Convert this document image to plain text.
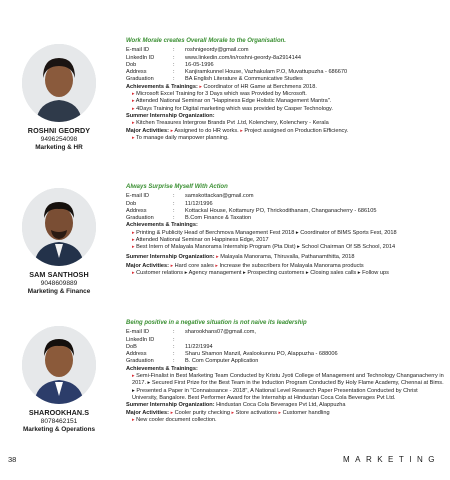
ROSHNI GEORDY
9496254098
Marketing & HR
Work Morale creates Overall Morale to the Organisation.
E-mail ID	:	roshnigeordy@gmail.com
LinkedIn ID	:	www.linkedin.com/in/roshni-geordy-8a2914144
Dob	:	16-05-1996
Address	:	Kanjiramkunnel House, Vazhakulam P.O, Muvattupuzha - 686670
Graduation	:	BA English Literature & Communicative Studies
Achievements & Trainings: ▸ Coordinator of HR Game at Berchmens 2018.
▸ Microsoft Excel Training for 3 Days which was Provided by Microsoft.
▸ Attended National Seminar on "Happiness Edge Holistic Management Mantra".
▸ 4Days Training for Digital marketing which was provided by Casper Technology.
Summer Internship Organization:
▸ Kitchen Treasures Intergrow Brands Pvt .Ltd, Kolenchery, Kolenchery - Kerala
Major Activities: ▸ Assigned to do HR works. ▸ Project assigned on Production Efficiency.
▸ To manage daily manpower planning.
SAM SANTHOSH
9048609889
Marketing & Finance
Always Surprise Myself With Action
E-mail ID	:	samskottackan@gmail.com
Dob	:	11/12/1996
Address	:	Kottackal House, Kottamury PO, Thrickodithanam, Changanacherry - 686105
Graduation	:	B.Com Finance & Taxation
Achievements & Trainings:
▸ Printing & Publicity Head of Berchmova Management Fest 2018 ▸ Coordinator of BIMS Sports Fest, 2018
▸ Attended National Seminar on Happiness Edge, 2017
▸ Best Intern of Malayala Manorama Internship Program (Pta Dist) ▸ School Chairman Of SB School, 2014
Summer Internship Organization: ▸ Malayala Manorama, Thiruvalla, Pathanamthitta, 2018
Major Activities: ▸ Hard core sales ▸ Increase the subscribers for Malayala Manorama products
▸ Customer relations ▸ Agency management ▸ Prospecting customers ▸ Closing sales calls ▸ Follow ups
SHAROOKHAN.S
8078462151
Marketing & Operations
Being positive in a negative situation is not naive its leadership
E-mail ID	:	sharookhans07@gmail.com,
LinkedIn ID	:
DoB	:	11/22/1994
Address	:	Sharu Shamon Manzil, Avalookunnu PO, Alappuzha - 688006
Graduation	:	B. Com Computer Application
Achievements & Trainings:
▸ Semi-Finalist in Best Marketing Team Conducted by Kristu Jyoti College of Management and Technology Changanacherry in 2017. ▸ Secured First Prize for the Best Team in the Induction Program Conducted By Holy Flame Academy, Chennai at Bims. ▸ Presented a Paper in "Connaissance - 2018", A National Level Research Paper Presentation Conducted by Christ University, Bangalore. Best Performer Award for the Internship at Hindustan Coca Cola Beverages Pvt Ltd.
Summer Internship Organization: Hindustan Coca Cola Beverages Pvt Ltd, Alappuzha
Major Activities: ▸ Cooler purity checking ▸ Store activations ▸ Customer handling
▸ New cooler document collection.
38	MARKETING
